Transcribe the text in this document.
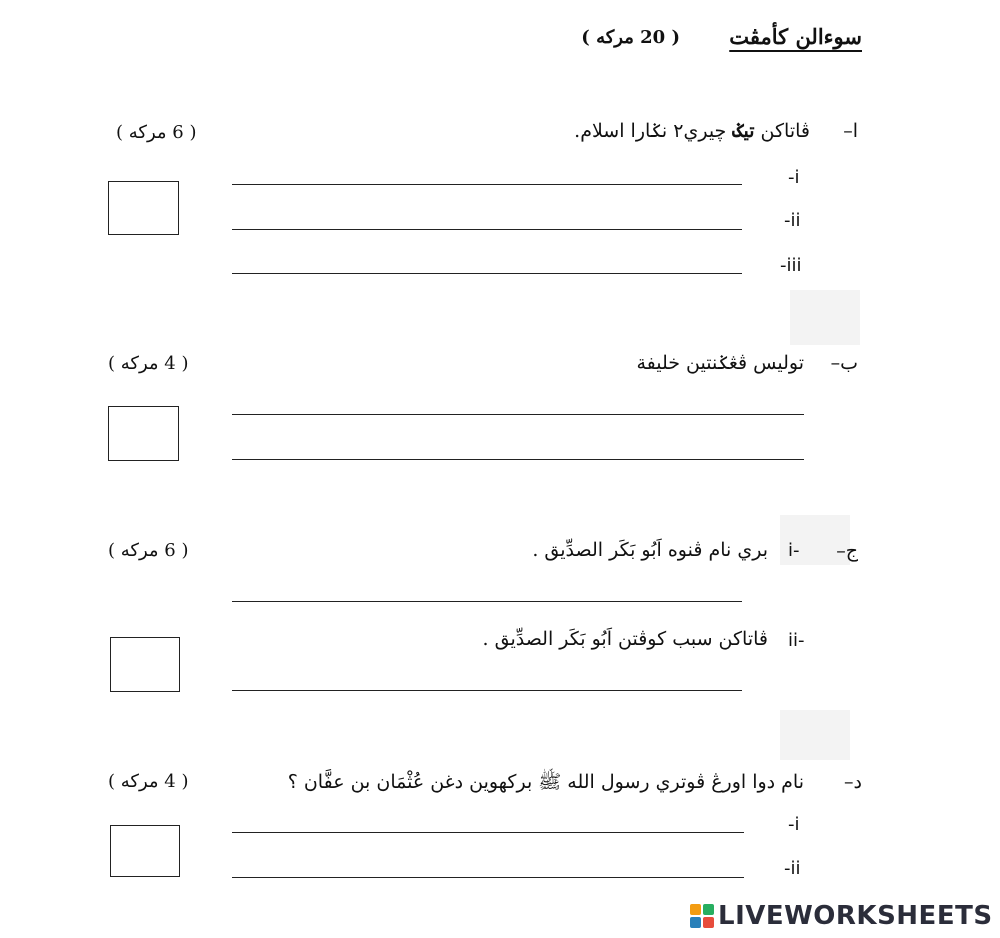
سوءالن كأمڤت
( 20 مركه )
ا–
ڤاتاكن تيݢ چيري٢ نݢارا اسلام.
( 6 مركه )
-i
-ii
-iii
ب–
توليس ڤڠݢنتين خليفة
( 4 مركه )
ج–
i-
بري نام ڤنوه اَبُو بَكَر الصدِّيق .
( 6 مركه )
ii-
ڤاتاكن سبب كوڤتن اَبُو بَكَر الصدِّيق .
د–
نام دوا اورڠ ڤوتري رسول الله ﷺ بركهوين دغن عُثْمَان بن عفَّان ؟
( 4 مركه )
-i
-ii
LIVEWORKSHEETS
